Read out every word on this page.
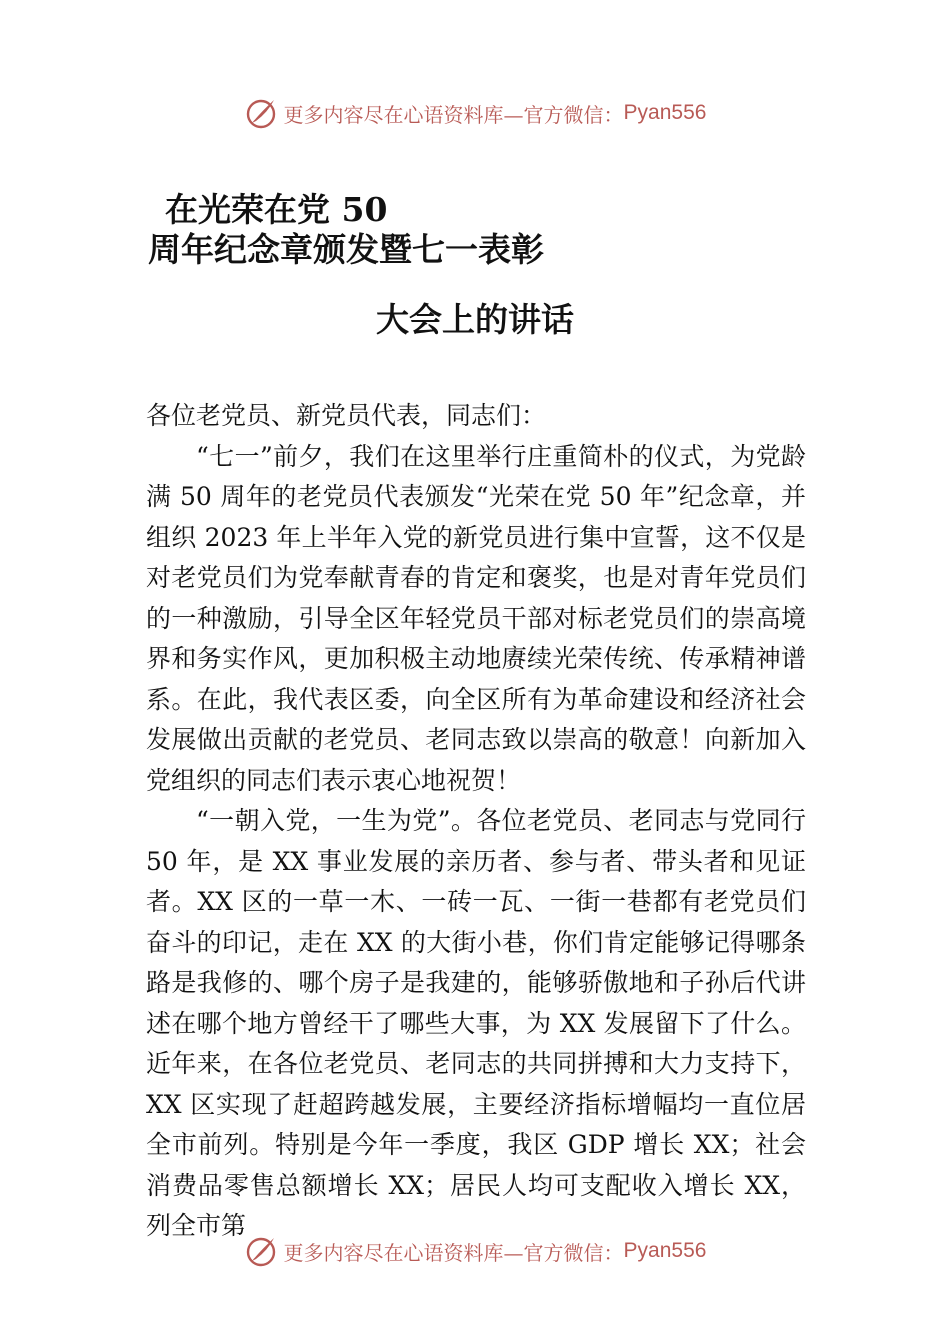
更多内容尽在心语资料库—官方微信： Pyan556
在光荣在党 50
周年纪念章颁发暨七一表彰
大会上的讲话

各位老党员、新党员代表，同志们：

“七一”前夕，我们在这里举行庄重简朴的仪式，为党龄满 50 周年的老党员代表颁发“光荣在党 50 年”纪念章，并组织 2023 年上半年入党的新党员进行集中宣誓，这不仅是对老党员们为党奉献青春的肯定和褒奖，也是对青年党员们的一种激励，引导全区年轻党员干部对标老党员们的崇高境界和务实作风，更加积极主动地赓续光荣传统、传承精神谱系。在此，我代表区委，向全区所有为革命建设和经济社会发展做出贡献的老党员、老同志致以崇高的敬意！向新加入党组织的同志们表示衷心地祝贺！

“一朝入党，一生为党”。各位老党员、老同志与党同行 50 年，是 XX 事业发展的亲历者、参与者、带头者和见证者。XX 区的一草一木、一砖一瓦、一街一巷都有老党员们奋斗的印记，走在 XX 的大街小巷，你们肯定能够记得哪条路是我修的、哪个房子是我建的，能够骄傲地和子孙后代讲述在哪个地方曾经干了哪些大事，为 XX 发展留下了什么。近年来，在各位老党员、老同志的共同拼搏和大力支持下，XX 区实现了赶超跨越发展，主要经济指标增幅均一直位居全市前列。特别是今年一季度，我区 GDP 增长 XX；社会消费品零售总额增长 XX；居民人均可支配收入增长 XX，列全市第

更多内容尽在心语资料库—官方微信： Pyan556
